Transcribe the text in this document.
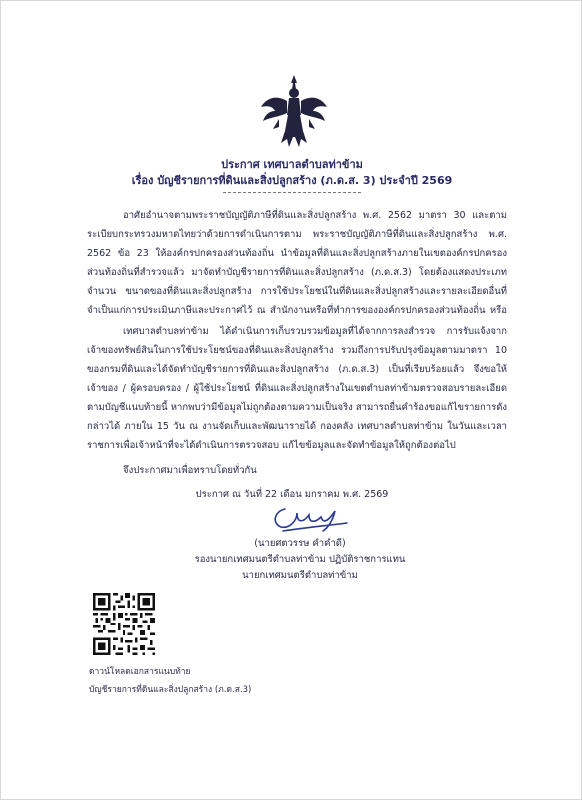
ประกาศ เทศบาลตำบลท่าข้าม
เรื่อง บัญชีรายการที่ดินและสิ่งปลูกสร้าง (ภ.ด.ส. 3) ประจำปี 2569
อาศัยอำนาจตามพระราชบัญญัติภาษีที่ดินและสิ่งปลูกสร้าง พ.ศ. 2562 มาตรา 30 และตามระเบียบกระทรวงมหาดไทยว่าด้วยการดำเนินการตาม พระราชบัญญัติภาษีที่ดินและสิ่งปลูกสร้าง พ.ศ. 2562 ข้อ 23 ให้องค์กรปกครองส่วนท้องถิ่น นำข้อมูลที่ดินและสิ่งปลูกสร้างภายในเขตองค์กรปกครองส่วนท้องถิ่นที่สำรวจแล้ว มาจัดทำบัญชีรายการที่ดินและสิ่งปลูกสร้าง (ภ.ด.ส.3) โดยต้องแสดงประเภทจำนวน ขนาดของที่ดินและสิ่งปลูกสร้าง การใช้ประโยชน์ในที่ดินและสิ่งปลูกสร้างและรายละเอียดอื่นที่จำเป็นแก่การประเมินภาษีและประกาศไว้ ณ สำนักงานหรือที่ทำการขององค์กรปกครองส่วนท้องถิ่น หรือ
เทศบาลตำบลท่าข้าม ได้ดำเนินการเก็บรวบรวมข้อมูลที่ได้จากการลงสำรวจ การรับแจ้งจากเจ้าของทรัพย์สินในการใช้ประโยชน์ของที่ดินและสิ่งปลูกสร้าง รวมถึงการปรับปรุงข้อมูลตามมาตรา 10 ของกรมที่ดินและได้จัดทำบัญชีรายการที่ดินและสิ่งปลูกสร้าง (ภ.ด.ส.3) เป็นที่เรียบร้อยแล้ว จึงขอให้เจ้าของ / ผู้ครอบครอง / ผู้ใช้ประโยชน์ ที่ดินและสิ่งปลูกสร้างในเขตตำบลท่าข้ามตรวจสอบรายละเอียดตามบัญชีแนบท้ายนี้ หากพบว่ามีข้อมูลไม่ถูกต้องตามความเป็นจริง สามารถยื่นคำร้องขอแก้ไขรายการดังกล่าวได้ ภายใน 15 วัน ณ งานจัดเก็บและพัฒนารายได้ กองคลัง เทศบาลตำบลท่าข้าม ในวันและเวลาราชการเพื่อเจ้าหน้าที่จะได้ดำเนินการตรวจสอบ แก้ไขข้อมูลและจัดทำข้อมูลให้ถูกต้องต่อไป
จึงประกาศมาเพื่อทราบโดยทั่วกัน
ประกาศ ณ วันที่ 22 เดือน มกราคม พ.ศ. 2569
(นายศตวรรษ คำคำดี)
รองนายกเทศมนตรีตำบลท่าข้าม ปฏิบัติราชการแทน
นายกเทศมนตรีตำบลท่าข้าม
ดาวน์โหลดเอกสารแนบท้าย
บัญชีรายการที่ดินและสิ่งปลูกสร้าง (ภ.ด.ส.3)
